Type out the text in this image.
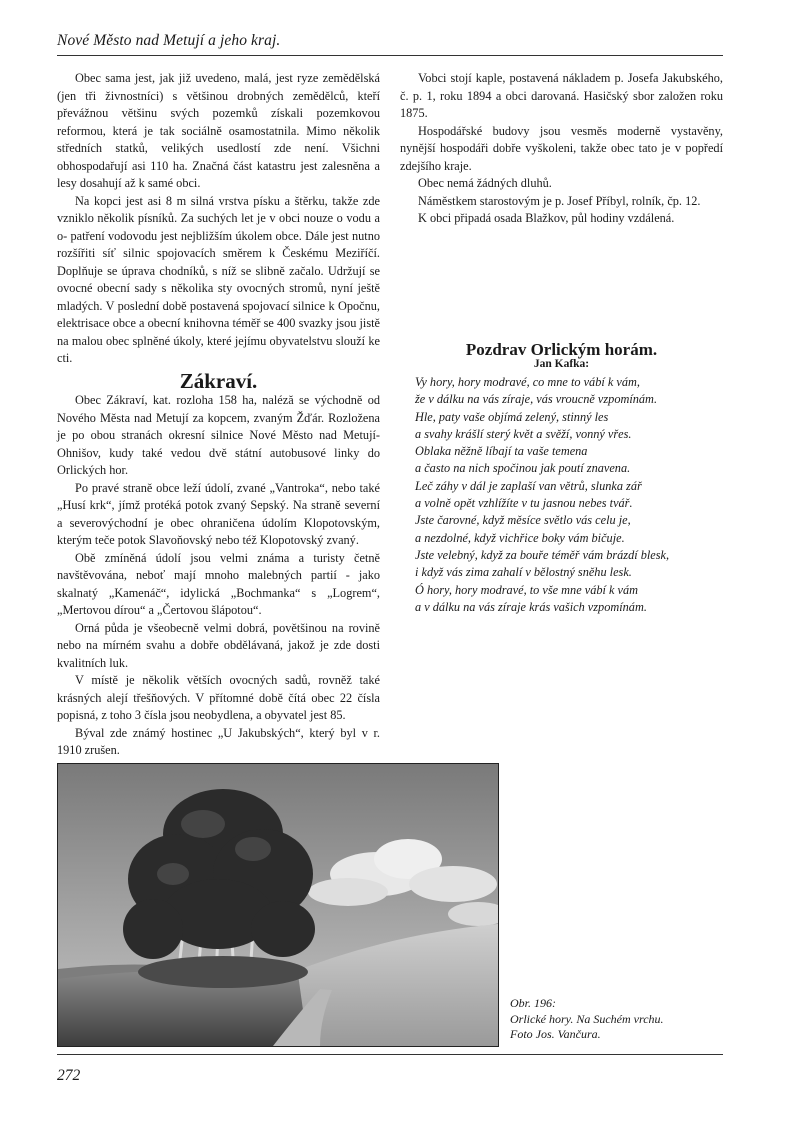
Nové Město nad Metují a jeho kraj.

Obec sama jest, jak již uvedeno, malá, jest ryze zemědělská (jen tři živnostníci) s většinou drobných zemědělců, kteří převážnou většinu svých pozemků získali pozemkovou reformou, která je tak sociálně osamostatnila. Mimo několik středních statků, velikých usedlostí zde není. Všichni obhospodařují asi 110 ha. Značná část katastru jest zalesněna a lesy dosahují až k samé obci.

Na kopci jest asi 8 m silná vrstva písku a štěrku, takže zde vzniklo několik písníků. Za suchých let je v obci nouze o vodu a o- patření vodovodu jest nejbližším úkolem obce. Dále jest nutno rozšířiti síť silnic spojovacích směrem k Českému Meziříčí. Doplňuje se úprava chodníků, s níž se slibně začalo. Udržují se ovocné obecní sady s několika sty ovocných stromů, nyní ještě mladých. V poslední době postavená spojovací silnice k Opočnu, elektrisace obce a obecní knihovna téměř se 400 svazky jsou jistě na malou obec splněné úkoly, které jejímu obyvatelstvu slouží ke cti.

Vobci stojí kaple, postavená nákladem p. Josefa Jakubského, č. p. 1, roku 1894 a obci darovaná. Hasičský sbor založen roku 1875.

Hospodářské budovy jsou vesměs moderně vystavěny, nynější hospodáři dobře vyškoleni, takže obec tato je v popředí zdejšího kraje.

Obec nemá žádných dluhů.

Náměstkem starostovým je p. Josef Příbyl, rolník, čp. 12.

K obci připadá osada Blažkov, půl hodiny vzdálená.

Zákraví.

Obec Zákraví, kat. rozloha 158 ha, naléză se východně od Nového Města nad Metují za kopcem, zvaným Žďár. Rozložena je po obou stranách okresní silnice Nové Město nad Metují-Ohnišov, kudy také vedou dvě státní autobusové linky do Orlických hor.

Po pravé straně obce leží údolí, zvané „Vantroka“, nebo také „Husí krk“, jímž protéká potok zvaný Sepský. Na straně severní a severovýchodní je obec ohraničena údolím Klopotovským, kterým teče potok Slavoňovský nebo též Klopotovský zvaný.

Obě zmíněná údolí jsou velmi známa a turisty četně navštěvována, neboť mají mnoho malebných partií - jako skalnatý „Kamenáč“, idylická „Bochmanka“ s „Logrem“, „Mertovou dírou“ a „Čertovou šlápotou“.

Orná půda je všeobecně velmi dobrá, povětšinou na rovině nebo na mírném svahu a dobře obdělávaná, jakož je zde dosti kvalitních luk.

V místě je několik větších ovocných sadů, rovněž také krásných alejí třešňových. V přítomné době čítá obec 22 čísla popisná, z toho 3 čísla jsou neobydlena, a obyvatel jest 85.

Býval zde známý hostinec „U Jakubských“, který byl v r. 1910 zrušen.

Pozdrav Orlickým horám.
Jan Kafka:
Vy hory, hory modravé, co mne to vábí k vám,
že v dálku na vás zíraje, vás vroucně vzpomínám.
Hle, paty vaše objímá zelený, stinný les
a svahy krášlí sterý květ a svěží, vonný vřes.
Oblaka něžně líbají ta vaše temena
a často na nich spočinou jak poutí znavena.
Leč záhy v dál je zaplaší van větrů, slunka zář
a volně opět vzhlížíte v tu jasnou nebes tvář.
Jste čarovné, když měsíce světlo vás celu je,
a nezdolné, když vichřice boky vám bičuje.
Jste velebný, když za bouře téměř vám brázdí blesk,
i když vás zima zahalí v bělostný sněhu lesk.
Ó hory, hory modravé, to vše mne vábí k vám
a v dálku na vás zíraje krás vašich vzpomínám.
Obr. 196:
Orlické hory. Na Suchém vrchu.
Foto Jos. Vančura.
272
